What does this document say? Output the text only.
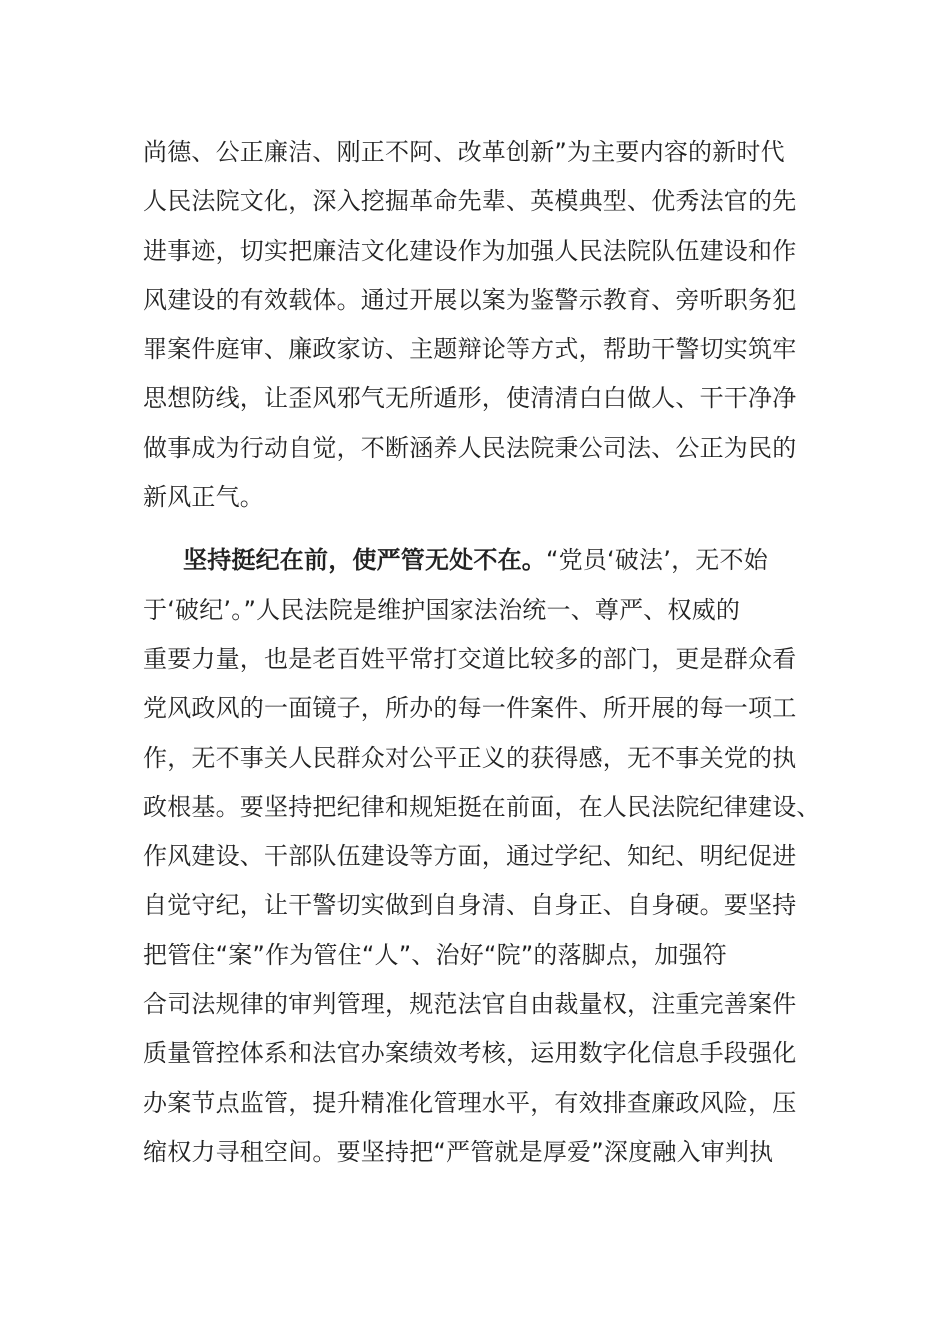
尚德、公正廉洁、刚正不阿、改革创新”为主要内容的新时代
人民法院文化，深入挖掘革命先辈、英模典型、优秀法官的先
进事迹，切实把廉洁文化建设作为加强人民法院队伍建设和作
风建设的有效载体。通过开展以案为鉴警示教育、旁听职务犯
罪案件庭审、廉政家访、主题辩论等方式，帮助干警切实筑牢
思想防线，让歪风邪气无所遁形，使清清白白做人、干干净净
做事成为行动自觉，不断涵养人民法院秉公司法、公正为民的
新风正气。
坚持挺纪在前，使严管无处不在。“党员‘破法’，无不始
于‘破纪’。”人民法院是维护国家法治统一、尊严、权威的
重要力量，也是老百姓平常打交道比较多的部门，更是群众看
党风政风的一面镜子，所办的每一件案件、所开展的每一项工
作，无不事关人民群众对公平正义的获得感，无不事关党的执
政根基。要坚持把纪律和规矩挺在前面，在人民法院纪律建设、
作风建设、干部队伍建设等方面，通过学纪、知纪、明纪促进
自觉守纪，让干警切实做到自身清、自身正、自身硬。要坚持
把管住“案”作为管住“人”、治好“院”的落脚点，加强符
合司法规律的审判管理，规范法官自由裁量权，注重完善案件
质量管控体系和法官办案绩效考核，运用数字化信息手段强化
办案节点监管，提升精准化管理水平，有效排查廉政风险，压
缩权力寻租空间。要坚持把“严管就是厚爱”深度融入审判执
